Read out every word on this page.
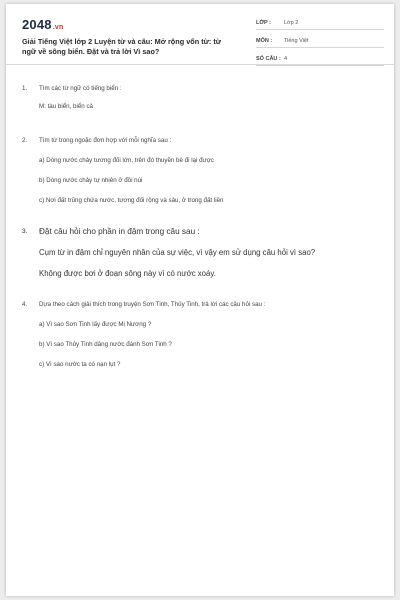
2048.vn
Giải Tiếng Việt lớp 2 Luyện từ và câu: Mở rộng vốn từ: từ ngữ về sông biển. Đặt và trả lời Vì sao?
LỚP :	Lớp 2
MÔN :	Tiếng Việt
SỐ CÂU : 4
1.	Tìm các từ ngữ có tiếng biển :
M: tàu biển, biển cả
2.	Tìm từ trong ngoặc đơn hợp với mỗi nghĩa sau :
a) Dòng nước chảy tương đối lớn, trên đó thuyền bè đi lại được
b) Dòng nước chảy tự nhiên ở đồi núi
c) Nơi đất trũng chứa nước, tương đối rộng và sâu, ở trong đất liền
3.	Đặt câu hỏi cho phần in đậm trong câu sau :
Cụm từ in đậm chỉ nguyên nhân của sự việc, vì vậy em sử dụng câu hỏi vì sao?
Không được bơi ở đoạn sông này vì có nước xoáy.
4.	Dựa theo cách giải thích trong truyện Sơn Tinh, Thủy Tinh, trả lời các câu hỏi sau :
a) Vì sao Sơn Tinh lấy được Mị Nương ?
b) Vì sao Thủy Tinh dâng nước đánh Sơn Tinh ?
c) Vì sao nước ta có nạn lụt ?
